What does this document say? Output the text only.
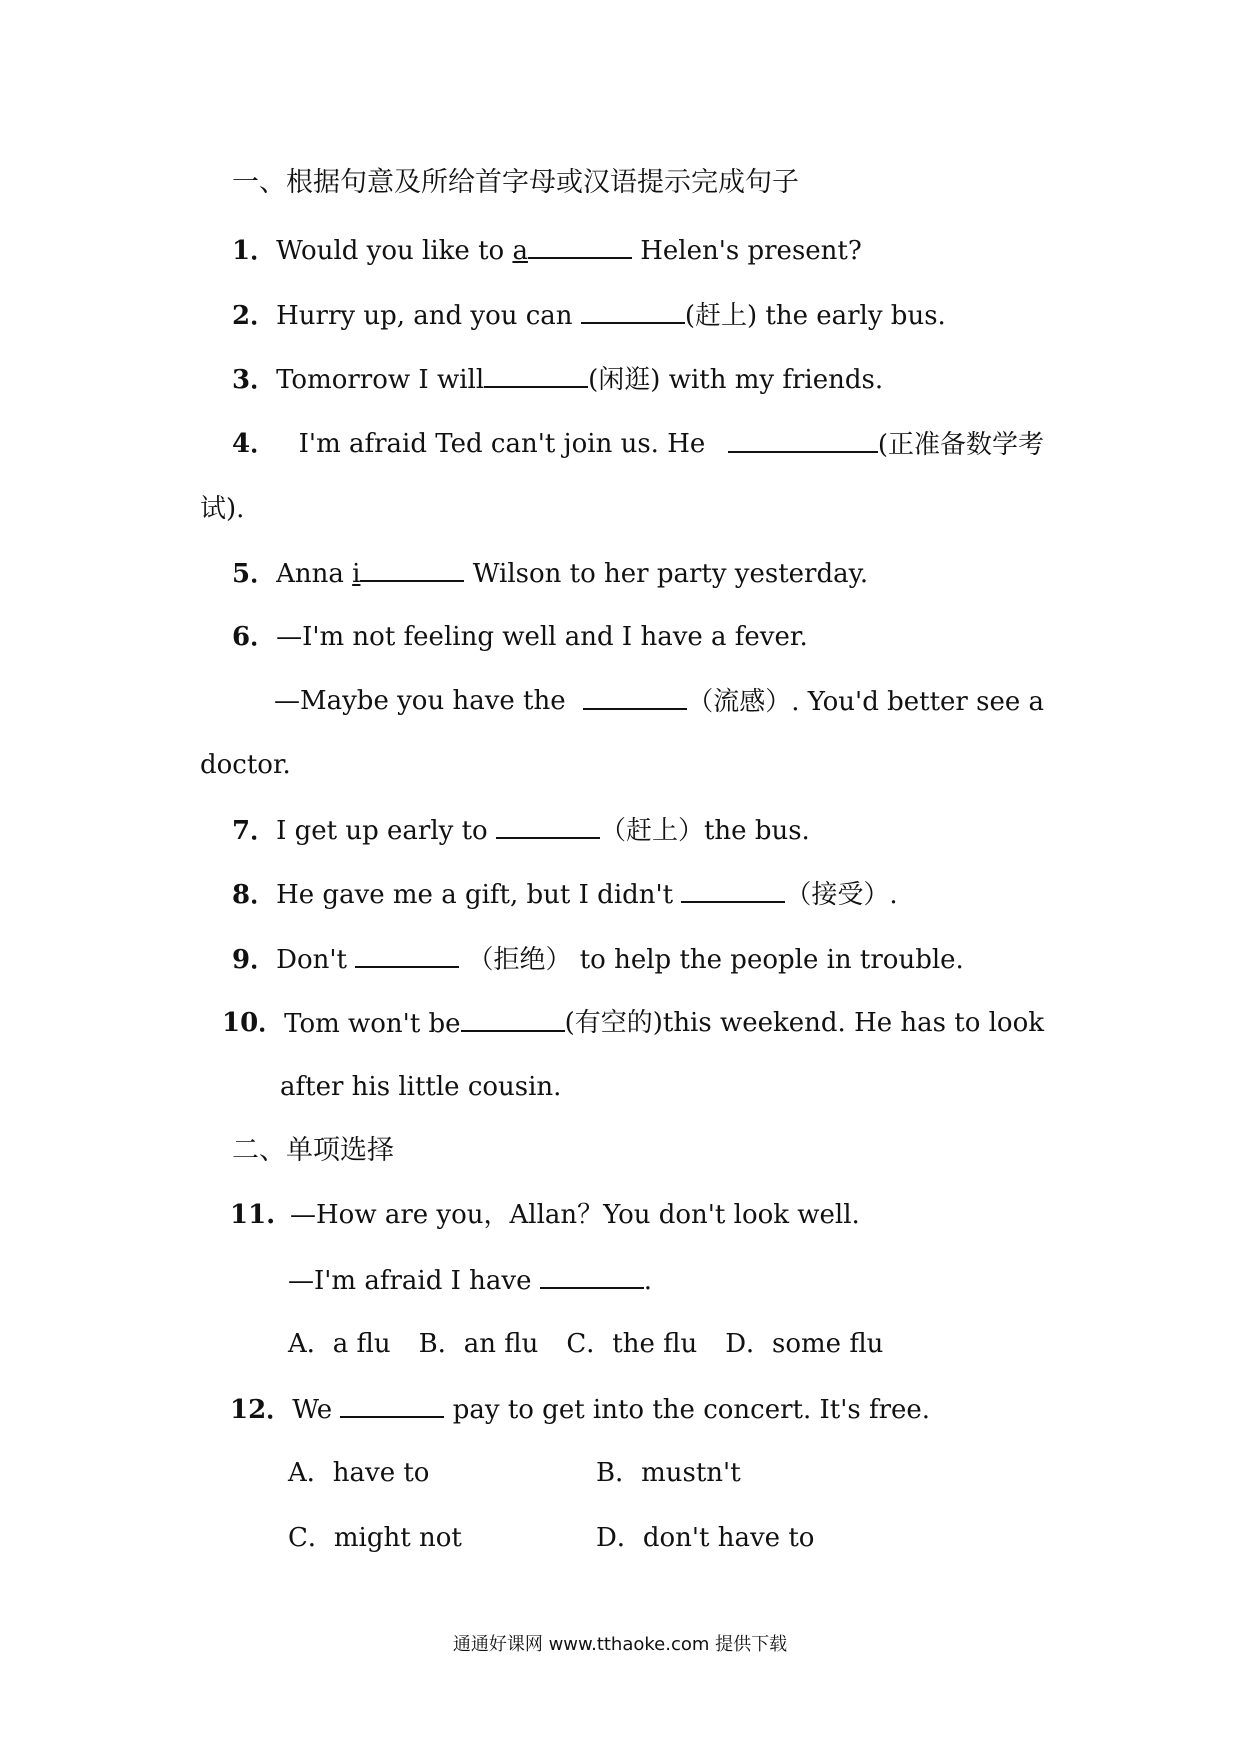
一、根据句意及所给首字母或汉语提示完成句子
1．Would you like to a	Helen's present?
2．Hurry up, and you can	(赶上) the early bus.
3．Tomorrow I will	(闲逛) with my friends.
4． I'm afraid Ted can't join us. He	(正准备数学考
试).
5．Anna i	Wilson to her party yesterday.
6．—I'm not feeling well and I have a fever.
—Maybe you have the	（流感）. You'd better see a
doctor.
7．I get up early to	（赶上）the bus.
8．He gave me a gift, but I didn't	（接受）.
9．Don't	（拒绝） to help the people in trouble.
10． Tom won't be	(有空的)this weekend. He has to look
after his little cousin.
二、单项选择
11. —How are you，Allan？You don't look well.
—I'm afraid I have	.
A．a flu B．an flu C．the flu D．some flu
12．We	pay to get into the concert. It's free.
A．have to	B．mustn't
C．might not	D．don't have to
通通好课网 www.tthaoke.com 提供下载
